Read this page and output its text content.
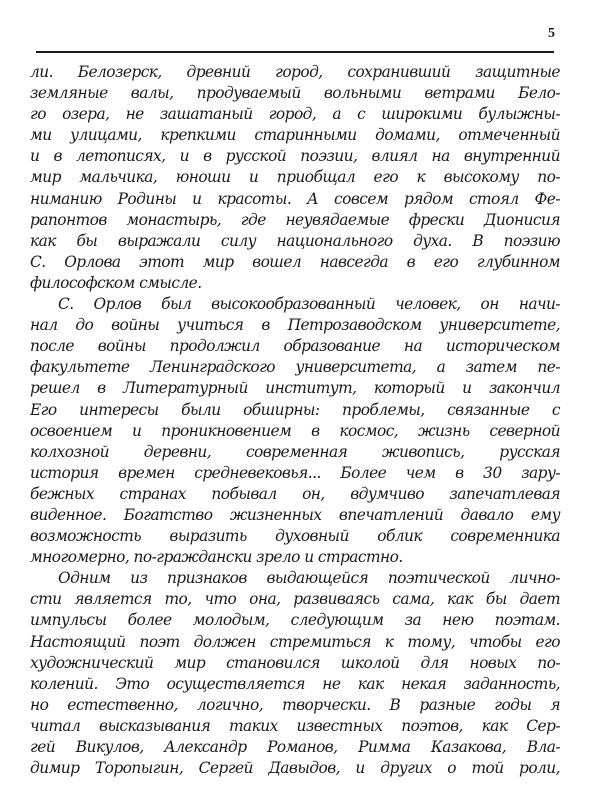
5
ли. Белозерск, древний город, сохранивший защитные
земляные валы, продуваемый вольными ветрами Бело-
го озера, не зашатаный город, а с широкими булыжны-
ми улицами, крепкими старинными домами, отмеченный
и в летописях, и в русской поэзии, влиял на внутренний
мир мальчика, юноши и приобщал его к высокому по-
ниманию Родины и красоты. А совсем рядом стоял Фе-
рапонтов монастырь, где неувядаемые фрески Дионисия
как бы выражали силу национального духа. В поэзию
С. Орлова этот мир вошел навсегда в его глубинном
философском смысле.
С. Орлов был высокообразованный человек, он начи-
нал до войны учиться в Петрозаводском университете,
после войны продолжил образование на историческом
факультете Ленинградского университета, а затем пе-
решел в Литературный институт, который и закончил
Его интересы были обширны: проблемы, связанные с
освоением и проникновением в космос, жизнь северной
колхозной деревни, современная живопись, русская
история времен средневековья... Более чем в 30 зару-
бежных странах побывал он, вдумчиво запечатлевая
виденное. Богатство жизненных впечатлений давало ему
возможность выразить духовный облик современника
многомерно, по-граждански зрело и страстно.
Одним из признаков выдающейся поэтической лично-
сти является то, что она, развиваясь сама, как бы дает
импульсы более молодым, следующим за нею поэтам.
Настоящий поэт должен стремиться к тому, чтобы его
художнический мир становился школой для новых по-
колений. Это осуществляется не как некая заданность,
но естественно, логично, творчески. В разные годы я
читал высказывания таких известных поэтов, как Сер-
гей Викулов, Александр Романов, Римма Казакова, Вла-
димир Торопыгин, Сергей Давыдов, и других о той роли,
